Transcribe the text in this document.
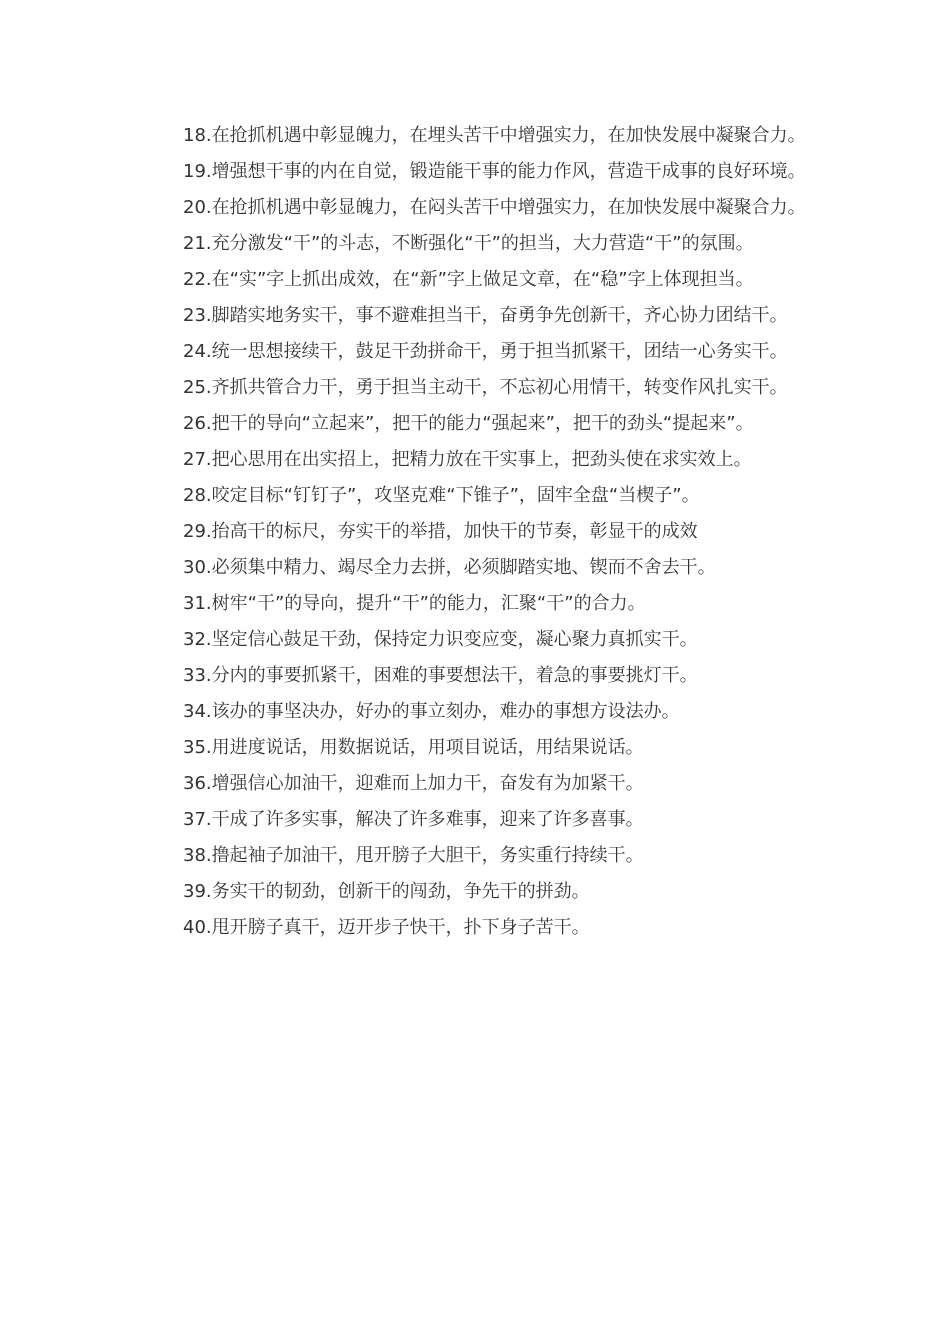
18.在抢抓机遇中彰显魄力，在埋头苦干中增强实力，在加快发展中凝聚合力。

19.增强想干事的内在自觉，锻造能干事的能力作风，营造干成事的良好环境。

20.在抢抓机遇中彰显魄力，在闷头苦干中增强实力，在加快发展中凝聚合力。

21.充分激发“干”的斗志，不断强化“干”的担当，大力营造“干”的氛围。

22.在“实”字上抓出成效，在“新”字上做足文章，在“稳”字上体现担当。

23.脚踏实地务实干，事不避难担当干，奋勇争先创新干，齐心协力团结干。

24.统一思想接续干，鼓足干劲拼命干，勇于担当抓紧干，团结一心务实干。

25.齐抓共管合力干，勇于担当主动干，不忘初心用情干，转变作风扎实干。

26.把干的导向“立起来”，把干的能力“强起来”，把干的劲头“提起来”。

27.把心思用在出实招上，把精力放在干实事上，把劲头使在求实效上。

28.咬定目标“钉钉子”，攻坚克难“下锥子”，固牢全盘“当楔子”。

29.抬高干的标尺，夯实干的举措，加快干的节奏，彰显干的成效

30.必须集中精力、竭尽全力去拼，必须脚踏实地、锲而不舍去干。

31.树牢“干”的导向，提升“干”的能力，汇聚“干”的合力。

32.坚定信心鼓足干劲，保持定力识变应变，凝心聚力真抓实干。

33.分内的事要抓紧干，困难的事要想法干，着急的事要挑灯干。

34.该办的事坚决办，好办的事立刻办，难办的事想方设法办。

35.用进度说话，用数据说话，用项目说话，用结果说话。

36.增强信心加油干，迎难而上加力干，奋发有为加紧干。

37.干成了许多实事，解决了许多难事，迎来了许多喜事。

38.撸起袖子加油干，甩开膀子大胆干，务实重行持续干。

39.务实干的韧劲，创新干的闯劲，争先干的拼劲。

40.甩开膀子真干，迈开步子快干，扑下身子苦干。
